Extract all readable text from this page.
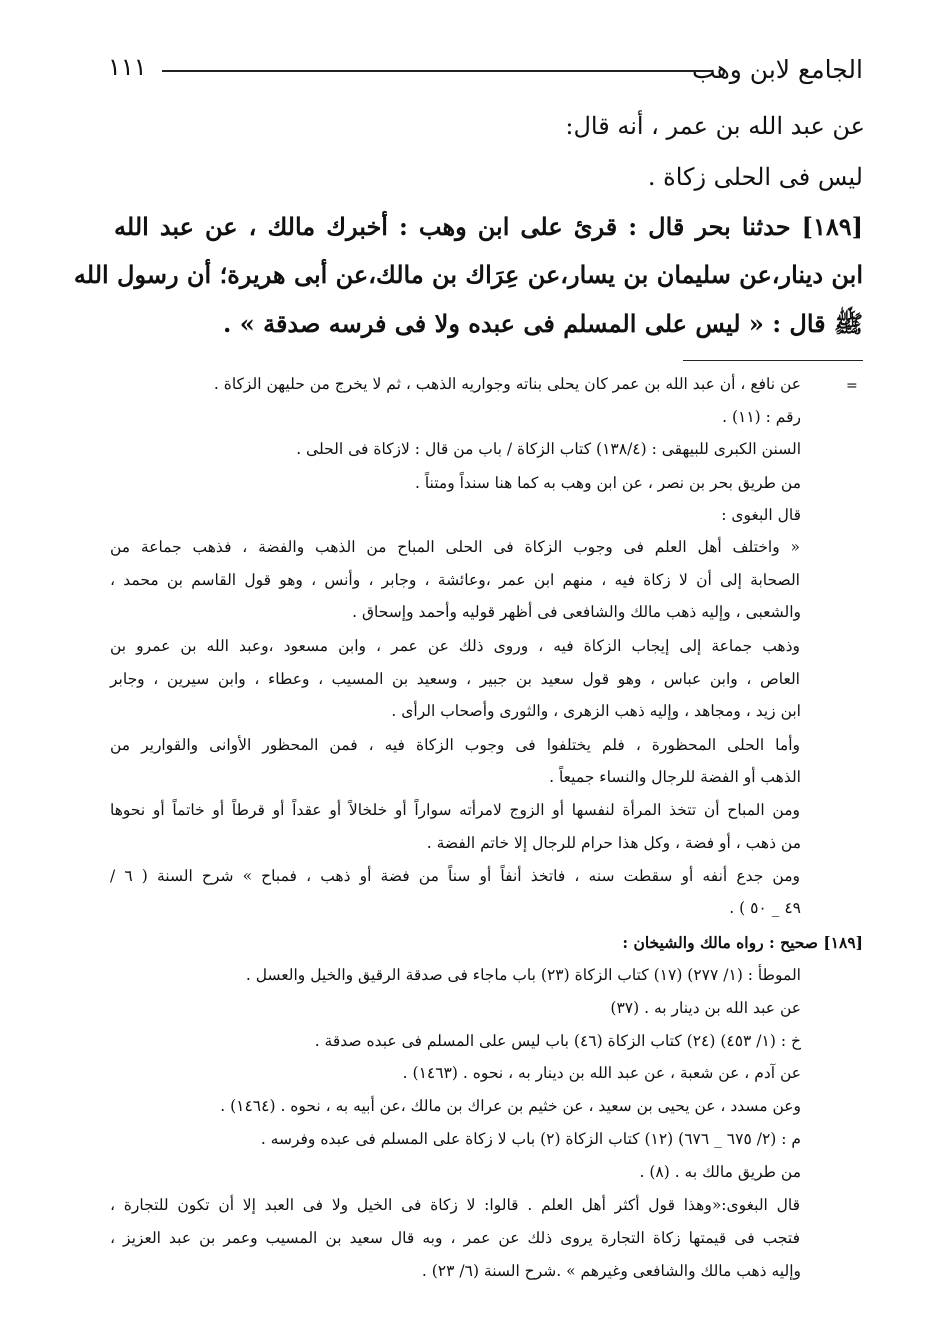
الجامع لابن وهب
١١١
عن عبد الله بن عمر ، أنه قال:
ليس فى الحلى زكاة .
[١٨٩] حدثنا بحر قال : قرئ على ابن وهب : أخبرك مالك ، عن عبد الله
ابن دينار،عن سليمان بن يسار،عن عِرَاك بن مالك،عن أبى هريرة؛ أن رسول الله
ﷺ قال : « ليس على المسلم فى عبده ولا فى فرسه صدقة » .
=
عن نافع ، أن عبد الله بن عمر كان يحلى بناته وجواريه الذهب ، ثم لا يخرج من حليهن الزكاة .
رقم : (١١) .
السنن الكبرى للبيهقى : (١٣٨/٤) كتاب الزكاة / باب من قال : لازكاة فى الحلى .
من طريق بحر بن نصر ، عن ابن وهب به كما هنا سنداً ومتناً .
قال البغوى :
« واختلف أهل العلم فى وجوب الزكاة فى الحلى المباح من الذهب والفضة ، فذهب جماعة من
الصحابة إلى أن لا زكاة فيه ، منهم ابن عمر ،وعائشة ، وجابر ، وأنس ، وهو قول القاسم بن محمد ،
والشعبى ، وإليه ذهب مالك والشافعى فى أظهر قوليه وأحمد وإسحاق .
وذهب جماعة إلى إيجاب الزكاة فيه ، وروى ذلك عن عمر ، وابن مسعود ،وعبد الله بن عمرو بن
العاص ، وابن عباس ، وهو قول سعيد بن جبير ، وسعيد بن المسيب ، وعطاء ، وابن سيرين ، وجابر
ابن زيد ، ومجاهد ، وإليه ذهب الزهرى ، والثورى وأصحاب الرأى .
وأما الحلى المحظورة ، فلم يختلفوا فى وجوب الزكاة فيه ، فمن المحظور الأوانى والقوارير من
الذهب أو الفضة للرجال والنساء جميعاً .
ومن المباح أن تتخذ المرأة لنفسها أو الزوج لامرأته سواراً أو خلخالاً أو عقداً أو قرطاً أو خاتماً أو نحوها
من ذهب ، أو فضة ، وكل هذا حرام للرجال إلا خاتم الفضة .
ومن جدع أنفه أو سقطت سنه ، فاتخذ أنفاً أو سناً من فضة أو ذهب ، فمباح » شرح السنة ( ٦ /
٤٩ _ ٥٠ ) .
[١٨٩] صحيح : رواه مالك والشيخان :
الموطأ : (١/ ٢٧٧) (١٧) كتاب الزكاة (٢٣) باب ماجاء فى صدقة الرقيق والخيل والعسل .
عن عبد الله بن دينار به . (٣٧)
خ : (١/ ٤٥٣) (٢٤) كتاب الزكاة (٤٦) باب ليس على المسلم فى عبده صدقة .
عن آدم ، عن شعبة ، عن عبد الله بن دينار به ، نحوه . (١٤٦٣) .
وعن مسدد ، عن يحيى بن سعيد ، عن خثيم بن عراك بن مالك ،عن أبيه به ، نحوه . (١٤٦٤) .
م : (٢/ ٦٧٥ _ ٦٧٦) (١٢) كتاب الزكاة (٢) باب لا زكاة على المسلم فى عبده وفرسه .
من طريق مالك به . (٨) .
قال البغوى:«وهذا قول أكثر أهل العلم . قالوا: لا زكاة فى الخيل ولا فى العبد إلا أن تكون للتجارة ،
فتجب فى قيمتها زكاة التجارة يروى ذلك عن عمر ، وبه قال سعيد بن المسيب وعمر بن عبد العزيز ،
وإليه ذهب مالك والشافعى وغيرهم » .شرح السنة (٦/ ٢٣) .
